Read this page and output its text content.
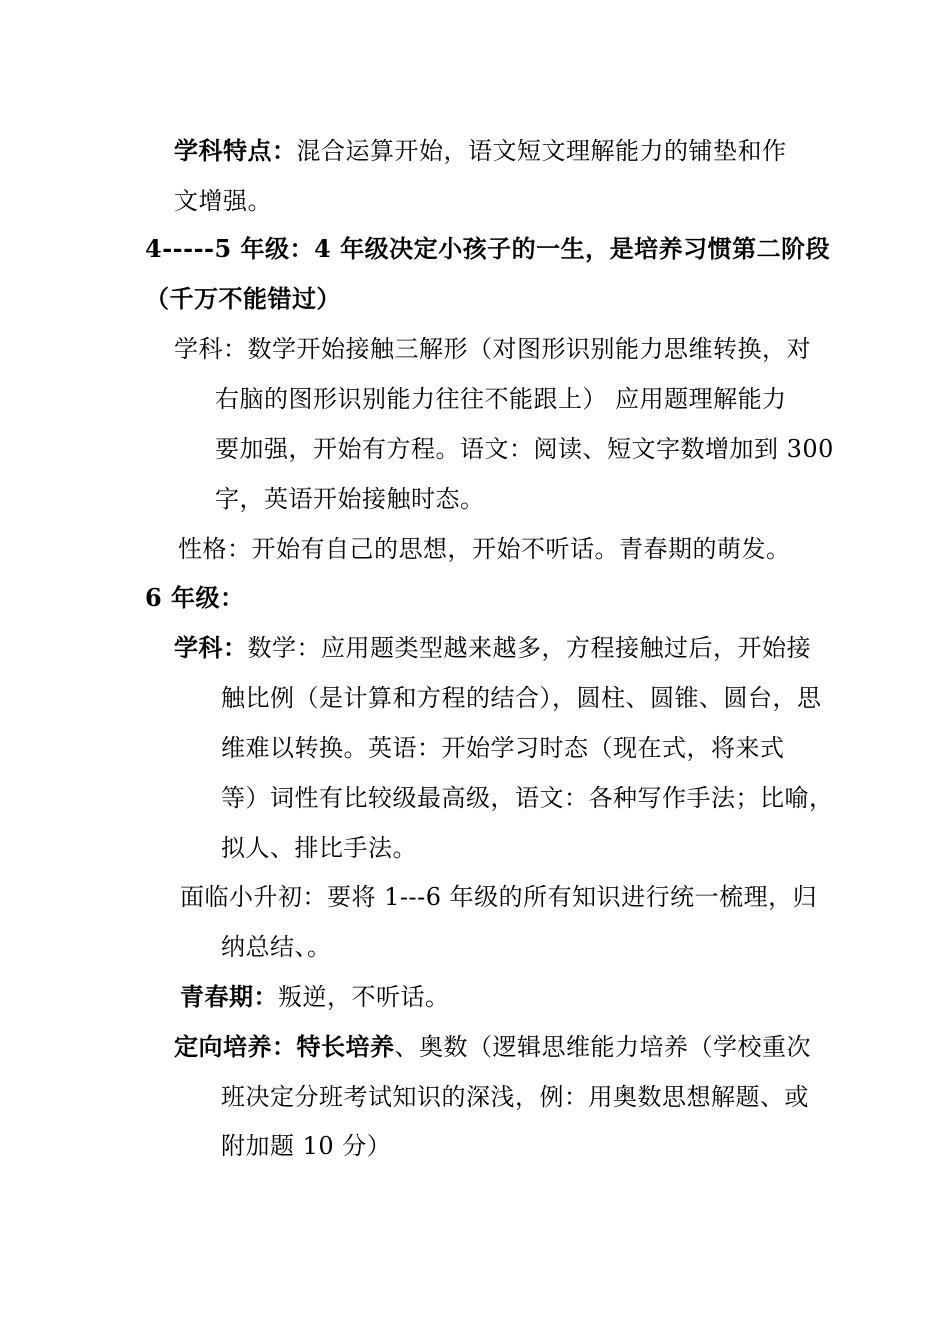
学科特点：混合运算开始，语文短文理解能力的铺垫和作
文增强。
4-----5 年级：4 年级决定小孩子的一生，是培养习惯第二阶段
（千万不能错过）
学科：数学开始接触三解形（对图形识别能力思维转换，对
右脑的图形识别能力往往不能跟上） 应用题理解能力
要加强，开始有方程。语文：阅读、短文字数增加到 300
字，英语开始接触时态。
性格：开始有自己的思想，开始不听话。青春期的萌发。
6 年级：
学科：数学：应用题类型越来越多，方程接触过后，开始接
触比例（是计算和方程的结合），圆柱、圆锥、圆台，思
维难以转换。英语：开始学习时态（现在式，将来式
等）词性有比较级最高级，语文：各种写作手法；比喻，
拟人、排比手法。
面临小升初：要将 1---6 年级的所有知识进行统一梳理，归
纳总结、。
青春期：叛逆，不听话。
定向培养：特长培养、奥数（逻辑思维能力培养（学校重次
班决定分班考试知识的深浅，例：用奥数思想解题、或
附加题 10 分）
